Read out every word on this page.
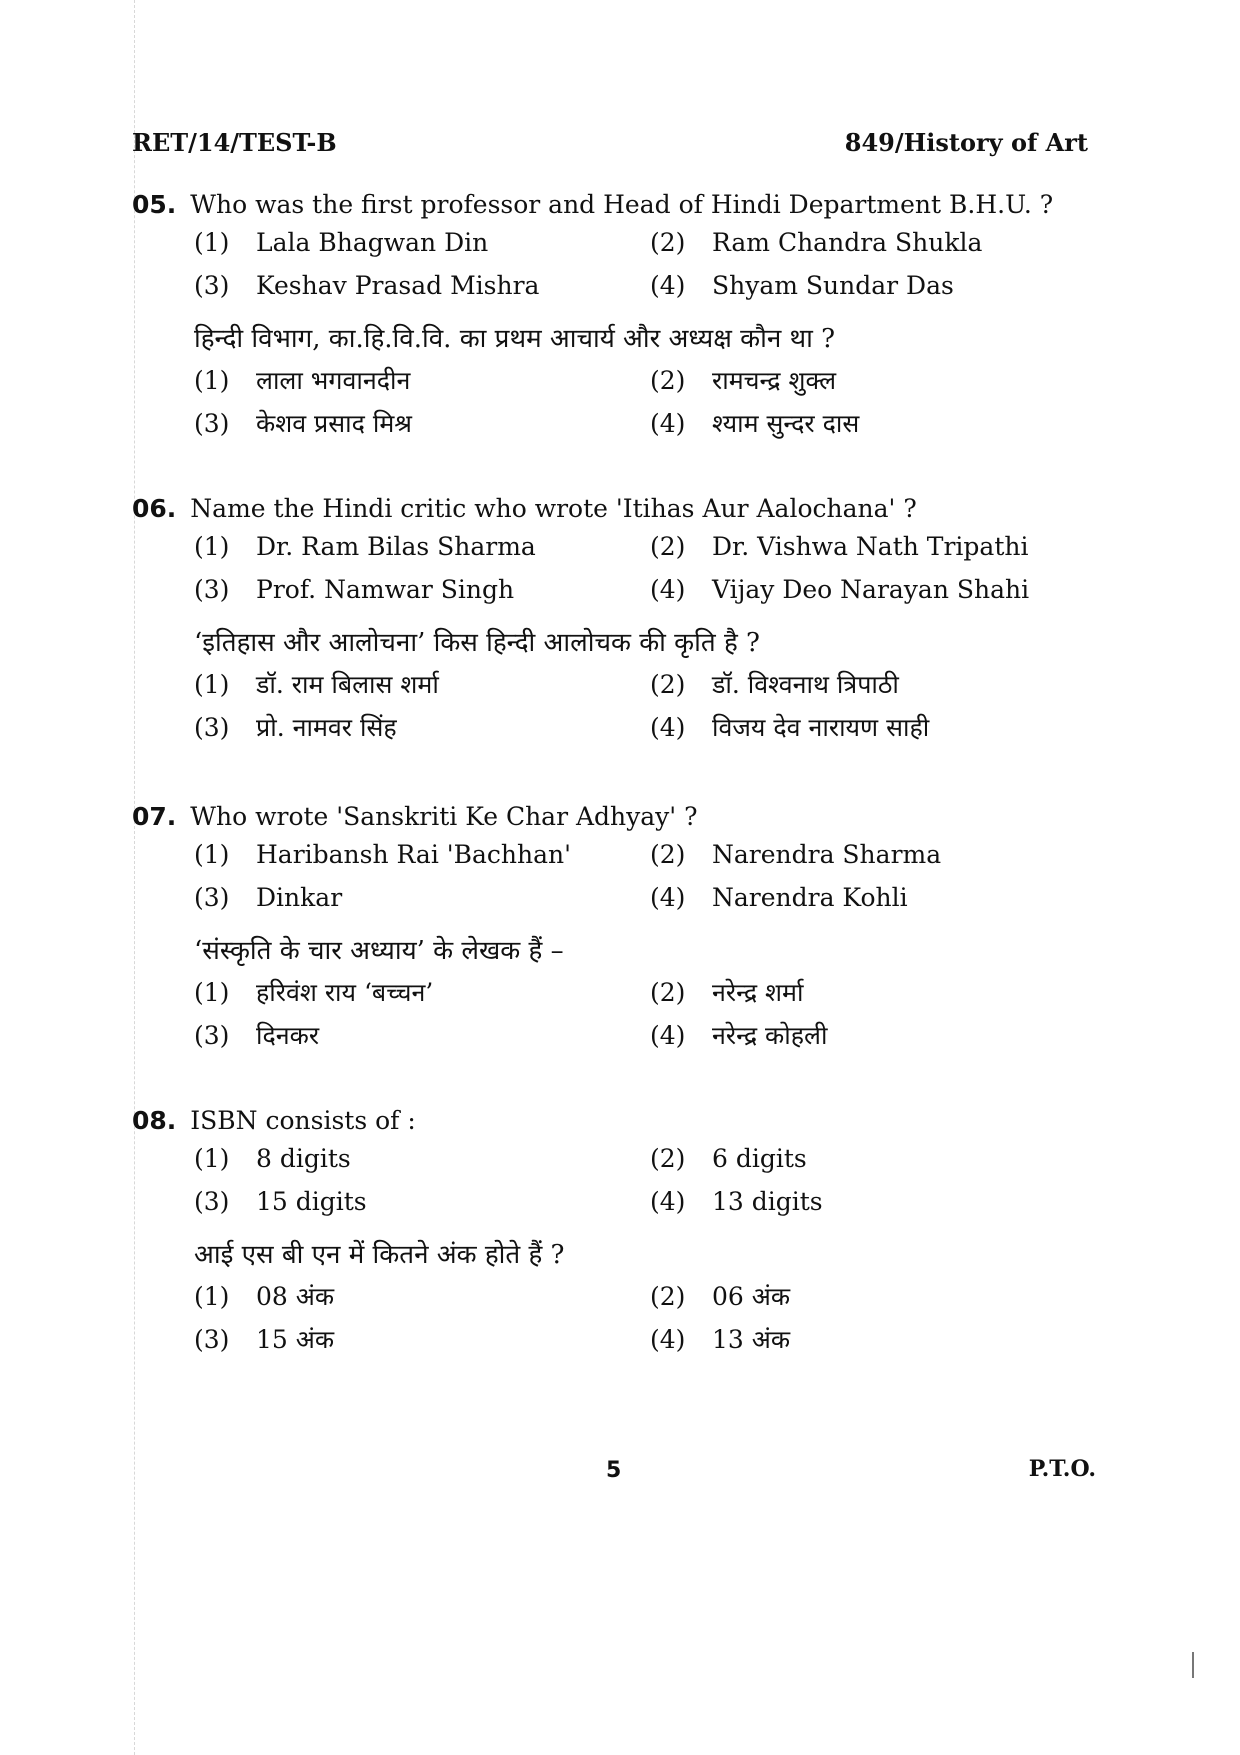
RET/14/TEST-B	849/History of Art
05. Who was the first professor and Head of Hindi Department B.H.U. ?
(1) Lala Bhagwan Din	(2) Ram Chandra Shukla
(3) Keshav Prasad Mishra	(4) Shyam Sundar Das
हिन्दी विभाग, का.हि.वि.वि. का प्रथम आचार्य और अध्यक्ष कौन था ?
(1) लाला भगवानदीन	(2) रामचन्द्र शुक्ल
(3) केशव प्रसाद मिश्र	(4) श्याम सुन्दर दास
06. Name the Hindi critic who wrote 'Itihas Aur Aalochana' ?
(1) Dr. Ram Bilas Sharma	(2) Dr. Vishwa Nath Tripathi
(3) Prof. Namwar Singh	(4) Vijay Deo Narayan Shahi
‘इतिहास और आलोचना’ किस हिन्दी आलोचक की कृति है ?
(1) डॉ. राम बिलास शर्मा	(2) डॉ. विश्वनाथ त्रिपाठी
(3) प्रो. नामवर सिंह	(4) विजय देव नारायण साही
07. Who wrote 'Sanskriti Ke Char Adhyay' ?
(1) Haribansh Rai 'Bachhan'	(2) Narendra Sharma
(3) Dinkar	(4) Narendra Kohli
‘संस्कृति के चार अध्याय’ के लेखक हैं –
(1) हरिवंश राय ‘बच्चन’	(2) नरेन्द्र शर्मा
(3) दिनकर	(4) नरेन्द्र कोहली
08. ISBN consists of :
(1) 8 digits	(2) 6 digits
(3) 15 digits	(4) 13 digits
आई एस बी एन में कितने अंक होते हैं ?
(1) 08 अंक	(2) 06 अंक
(3) 15 अंक	(4) 13 अंक
5	P.T.O.
